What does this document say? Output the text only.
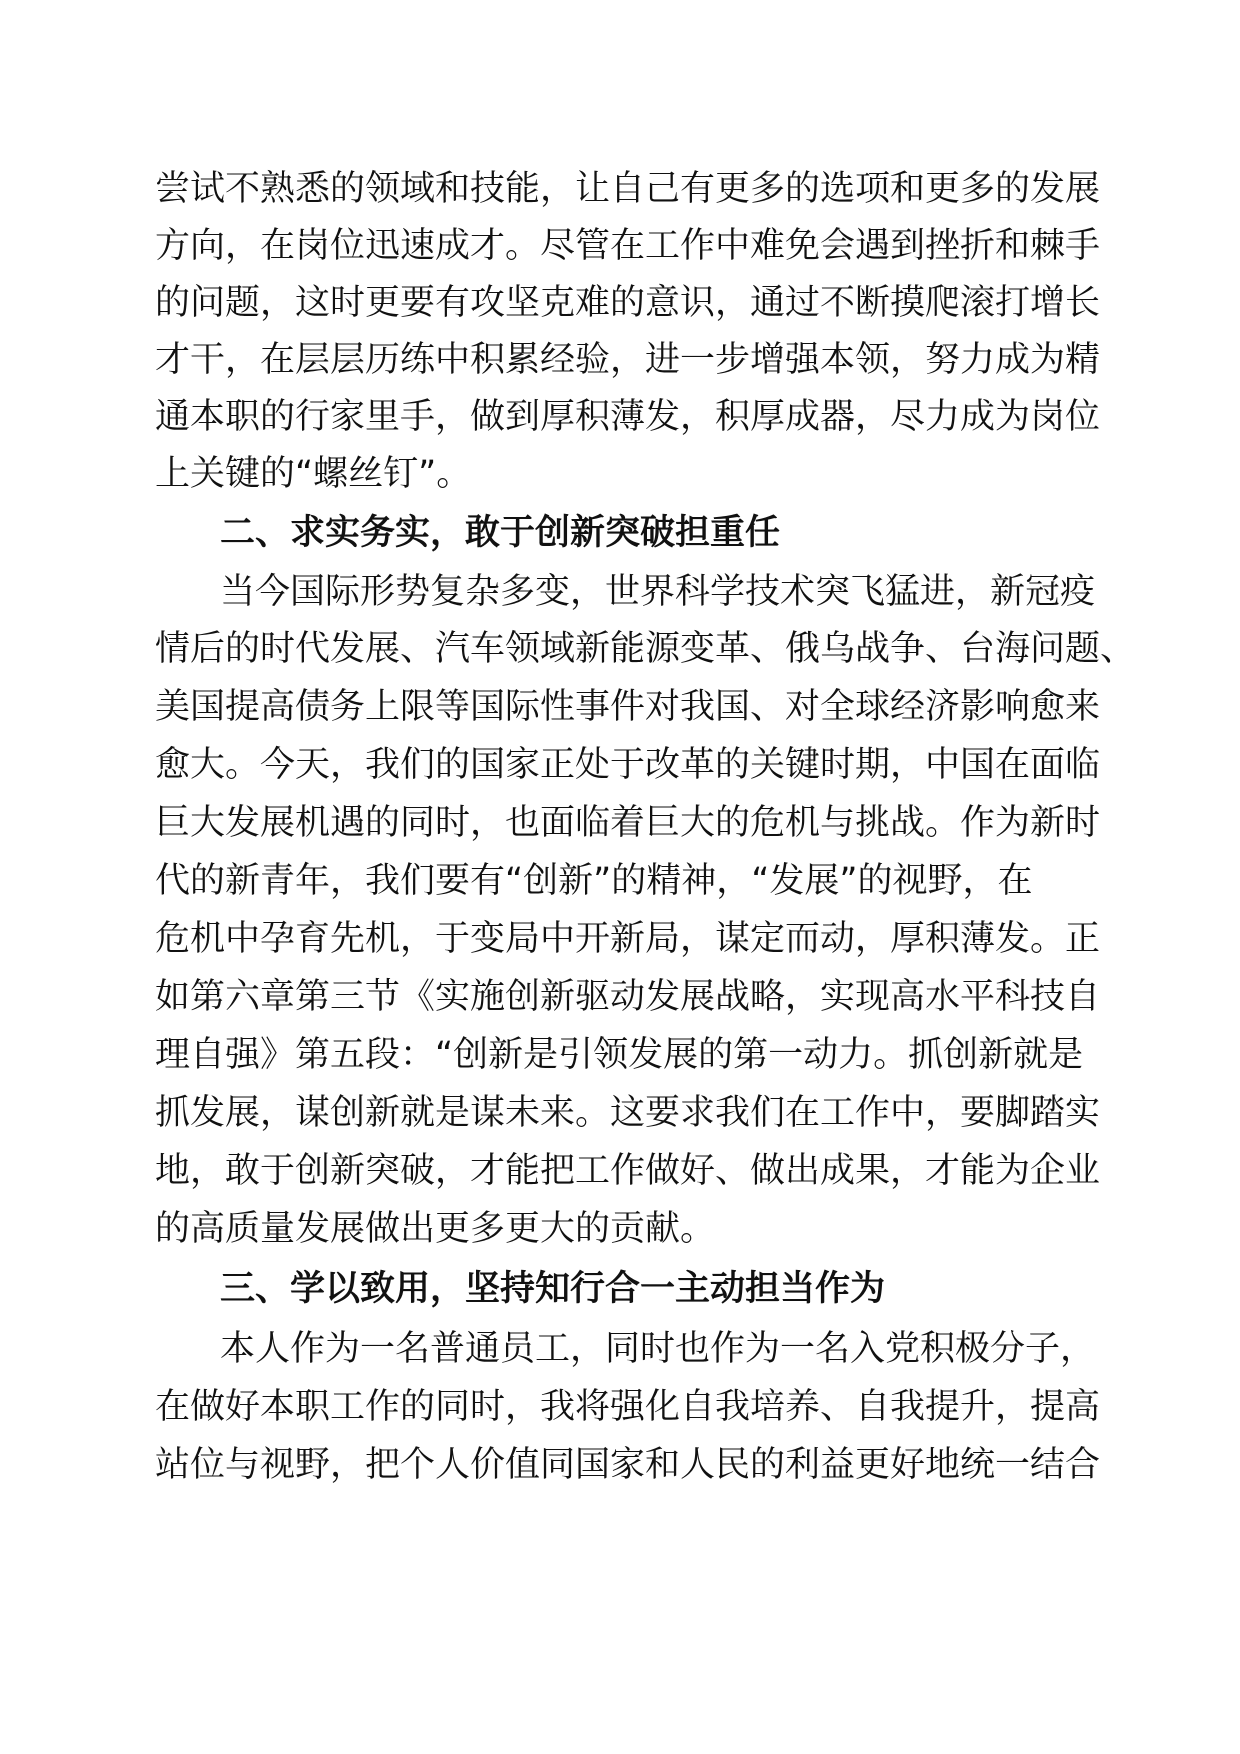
尝试不熟悉的领域和技能，让自己有更多的选项和更多的发展
方向，在岗位迅速成才。尽管在工作中难免会遇到挫折和棘手
的问题，这时更要有攻坚克难的意识，通过不断摸爬滚打增长
才干，在层层历练中积累经验，进一步增强本领，努力成为精
通本职的行家里手，做到厚积薄发，积厚成器，尽力成为岗位
上关键的“螺丝钉”。
二、求实务实，敢于创新突破担重任
当今国际形势复杂多变，世界科学技术突飞猛进，新冠疫
情后的时代发展、汽车领域新能源变革、俄乌战争、台海问题、
美国提高债务上限等国际性事件对我国、对全球经济影响愈来
愈大。今天，我们的国家正处于改革的关键时期，中国在面临
巨大发展机遇的同时，也面临着巨大的危机与挑战。作为新时
代的新青年，我们要有“创新”的精神，“发展”的视野，在
危机中孕育先机，于变局中开新局，谋定而动，厚积薄发。正
如第六章第三节《实施创新驱动发展战略，实现高水平科技自
理自强》第五段：“创新是引领发展的第一动力。抓创新就是
抓发展，谋创新就是谋未来。这要求我们在工作中，要脚踏实
地，敢于创新突破，才能把工作做好、做出成果，才能为企业
的高质量发展做出更多更大的贡献。
三、学以致用，坚持知行合一主动担当作为
本人作为一名普通员工，同时也作为一名入党积极分子，
在做好本职工作的同时，我将强化自我培养、自我提升，提高
站位与视野，把个人价值同国家和人民的利益更好地统一结合
